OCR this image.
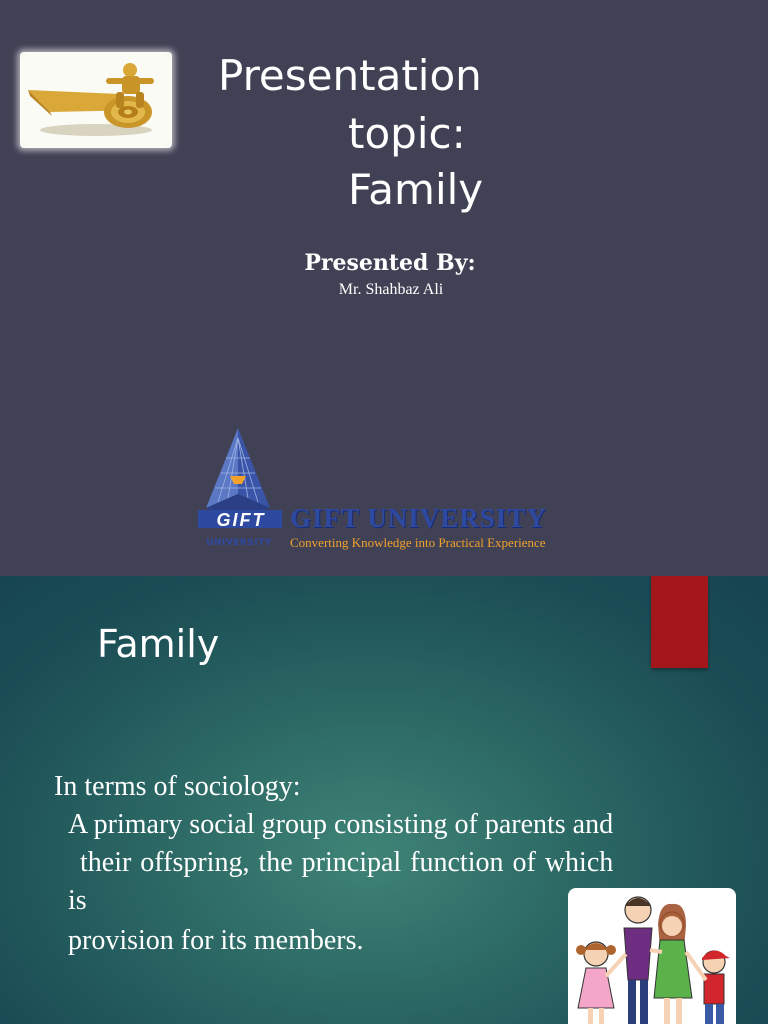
Presentation
topic:
Family
Presented By:
Mr. Shahbaz Ali
GIFT
UNIVERSITY
GIFT UNIVERSITY
Converting Knowledge into Practical Experience
Family
In terms of sociology:
A primary social group consisting of parents and
their offspring, the principal function of which
is
provision for its members.
